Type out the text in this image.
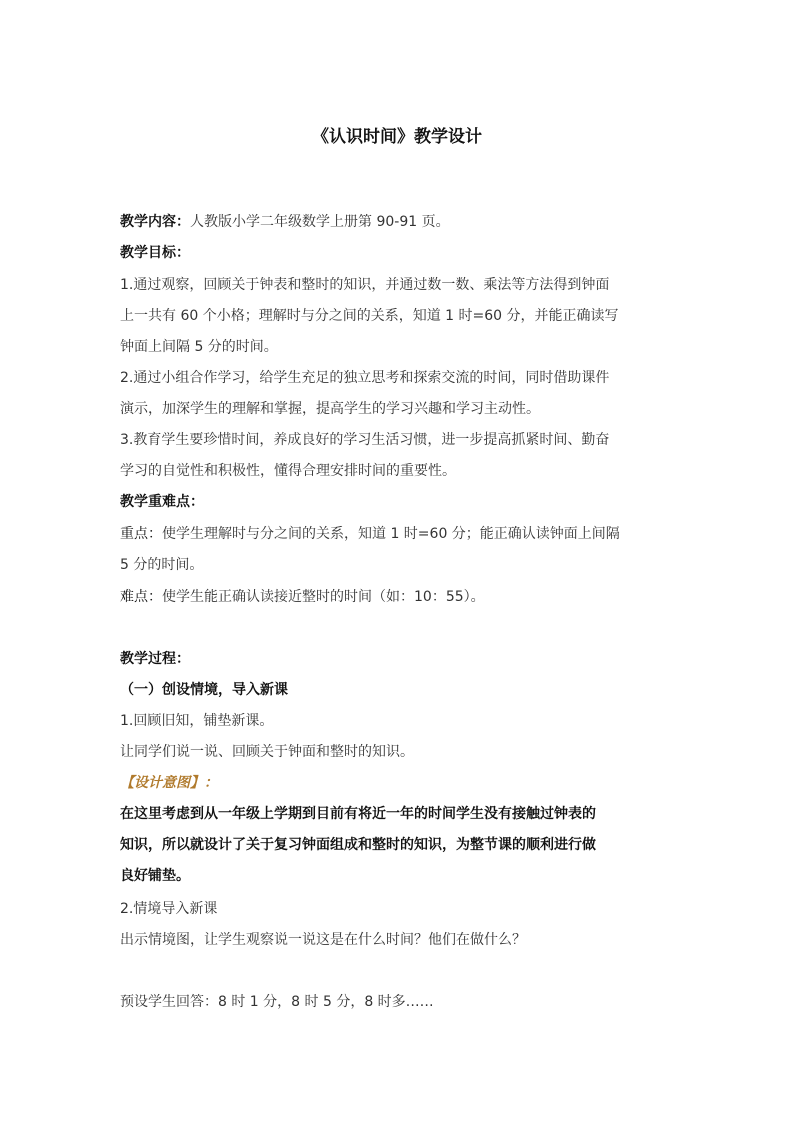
《认识时间》教学设计
教学内容：人教版小学二年级数学上册第 90-91 页。
教学目标：
1.通过观察，回顾关于钟表和整时的知识，并通过数一数、乘法等方法得到钟面
上一共有 60 个小格；理解时与分之间的关系，知道 1 时=60 分，并能正确读写
钟面上间隔 5 分的时间。
2.通过小组合作学习，给学生充足的独立思考和探索交流的时间，同时借助课件
演示，加深学生的理解和掌握，提高学生的学习兴趣和学习主动性。
3.教育学生要珍惜时间，养成良好的学习生活习惯，进一步提高抓紧时间、勤奋
学习的自觉性和积极性，懂得合理安排时间的重要性。
教学重难点：
重点：使学生理解时与分之间的关系，知道 1 时=60 分；能正确认读钟面上间隔
5 分的时间。
难点：使学生能正确认读接近整时的时间（如：10：55）。
教学过程：
（一）创设情境，导入新课
1.回顾旧知，铺垫新课。
让同学们说一说、回顾关于钟面和整时的知识。
【设计意图】：
在这里考虑到从一年级上学期到目前有将近一年的时间学生没有接触过钟表的
知识，所以就设计了关于复习钟面组成和整时的知识，为整节课的顺利进行做
良好铺垫。
2.情境导入新课
出示情境图，让学生观察说一说这是在什么时间？他们在做什么？
预设学生回答：8 时 1 分，8 时 5 分，8 时多……
